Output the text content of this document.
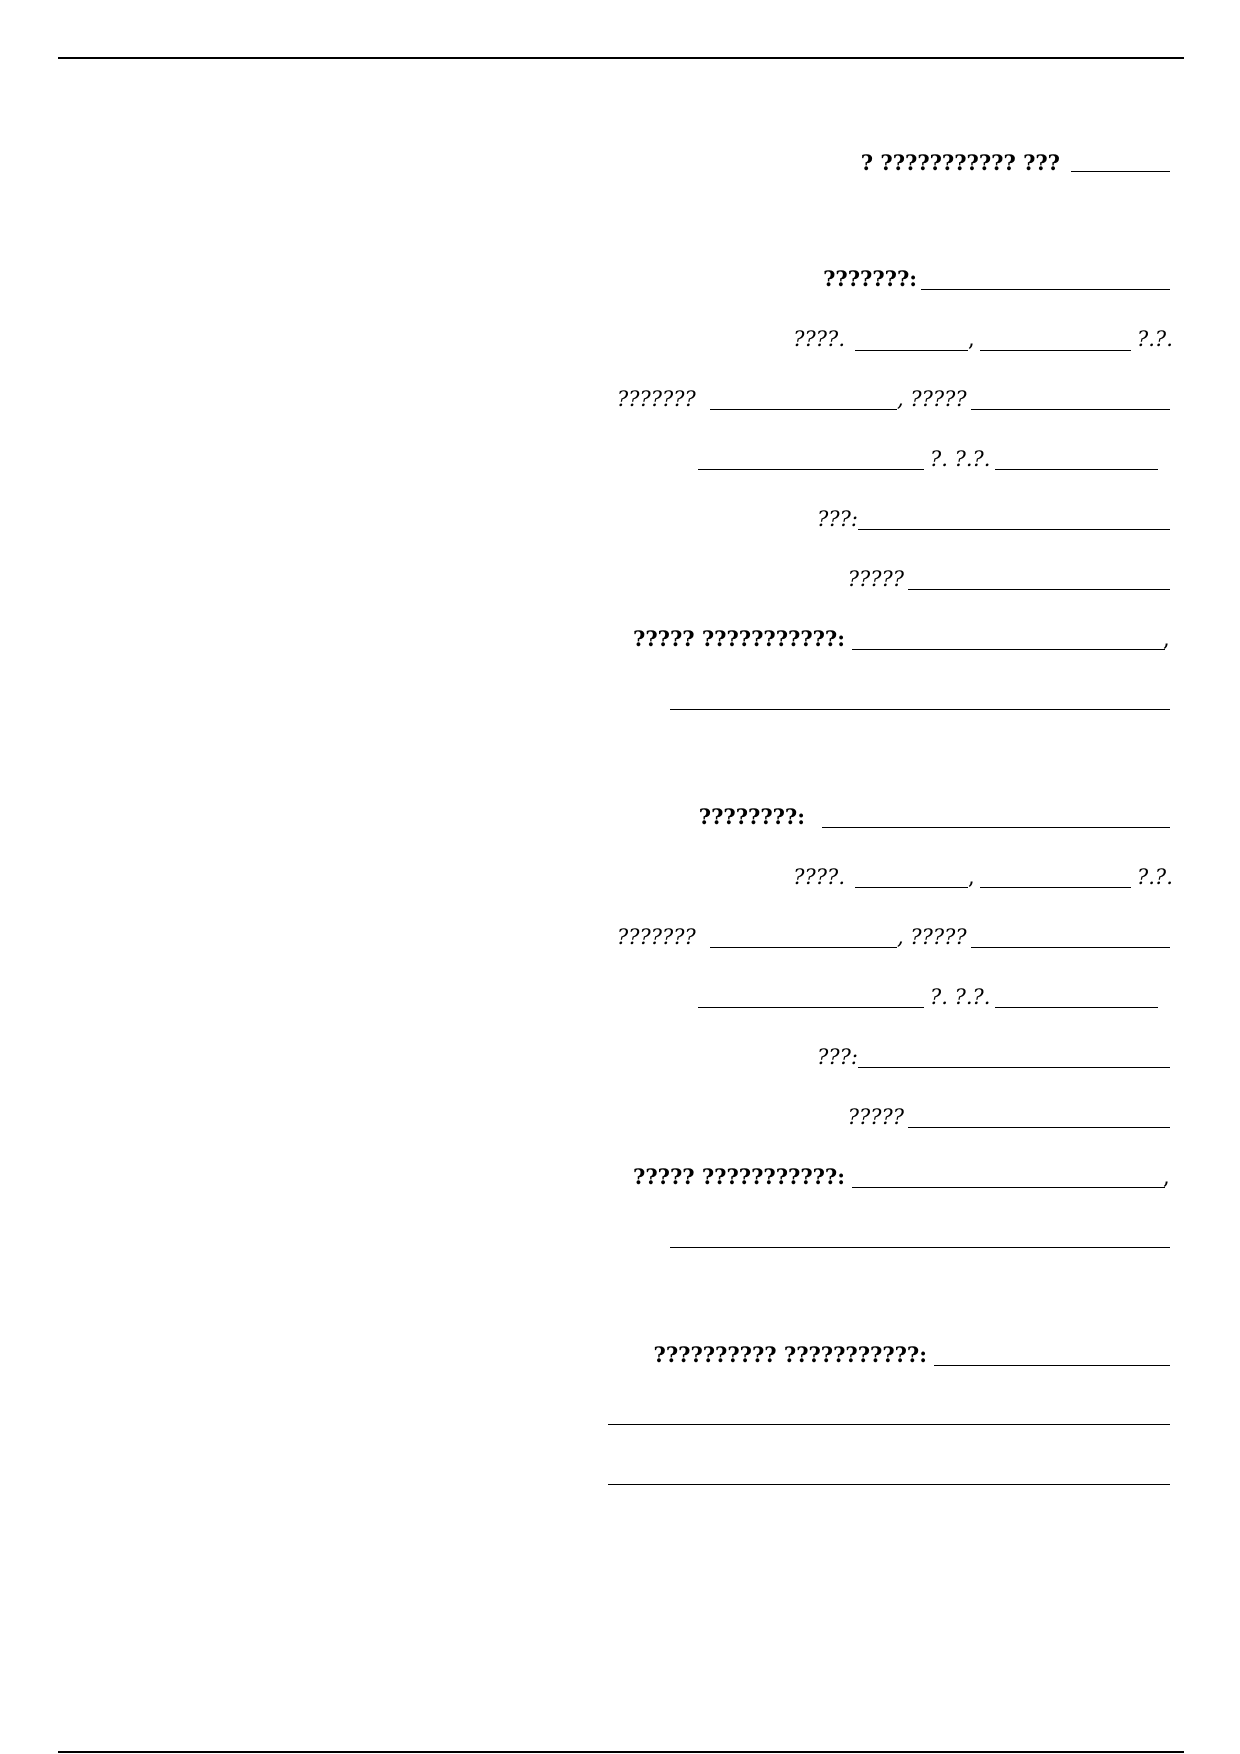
? ??????????? ???
???????:
????.	,	?.?.
???????	, ?????
?. ?.?.
???:
?????
????? ???????????:	,
????????:
????.	,	?.?.
???????	, ?????
?. ?.?.
???:
?????
????? ???????????:	,
?????????? ???????????:
